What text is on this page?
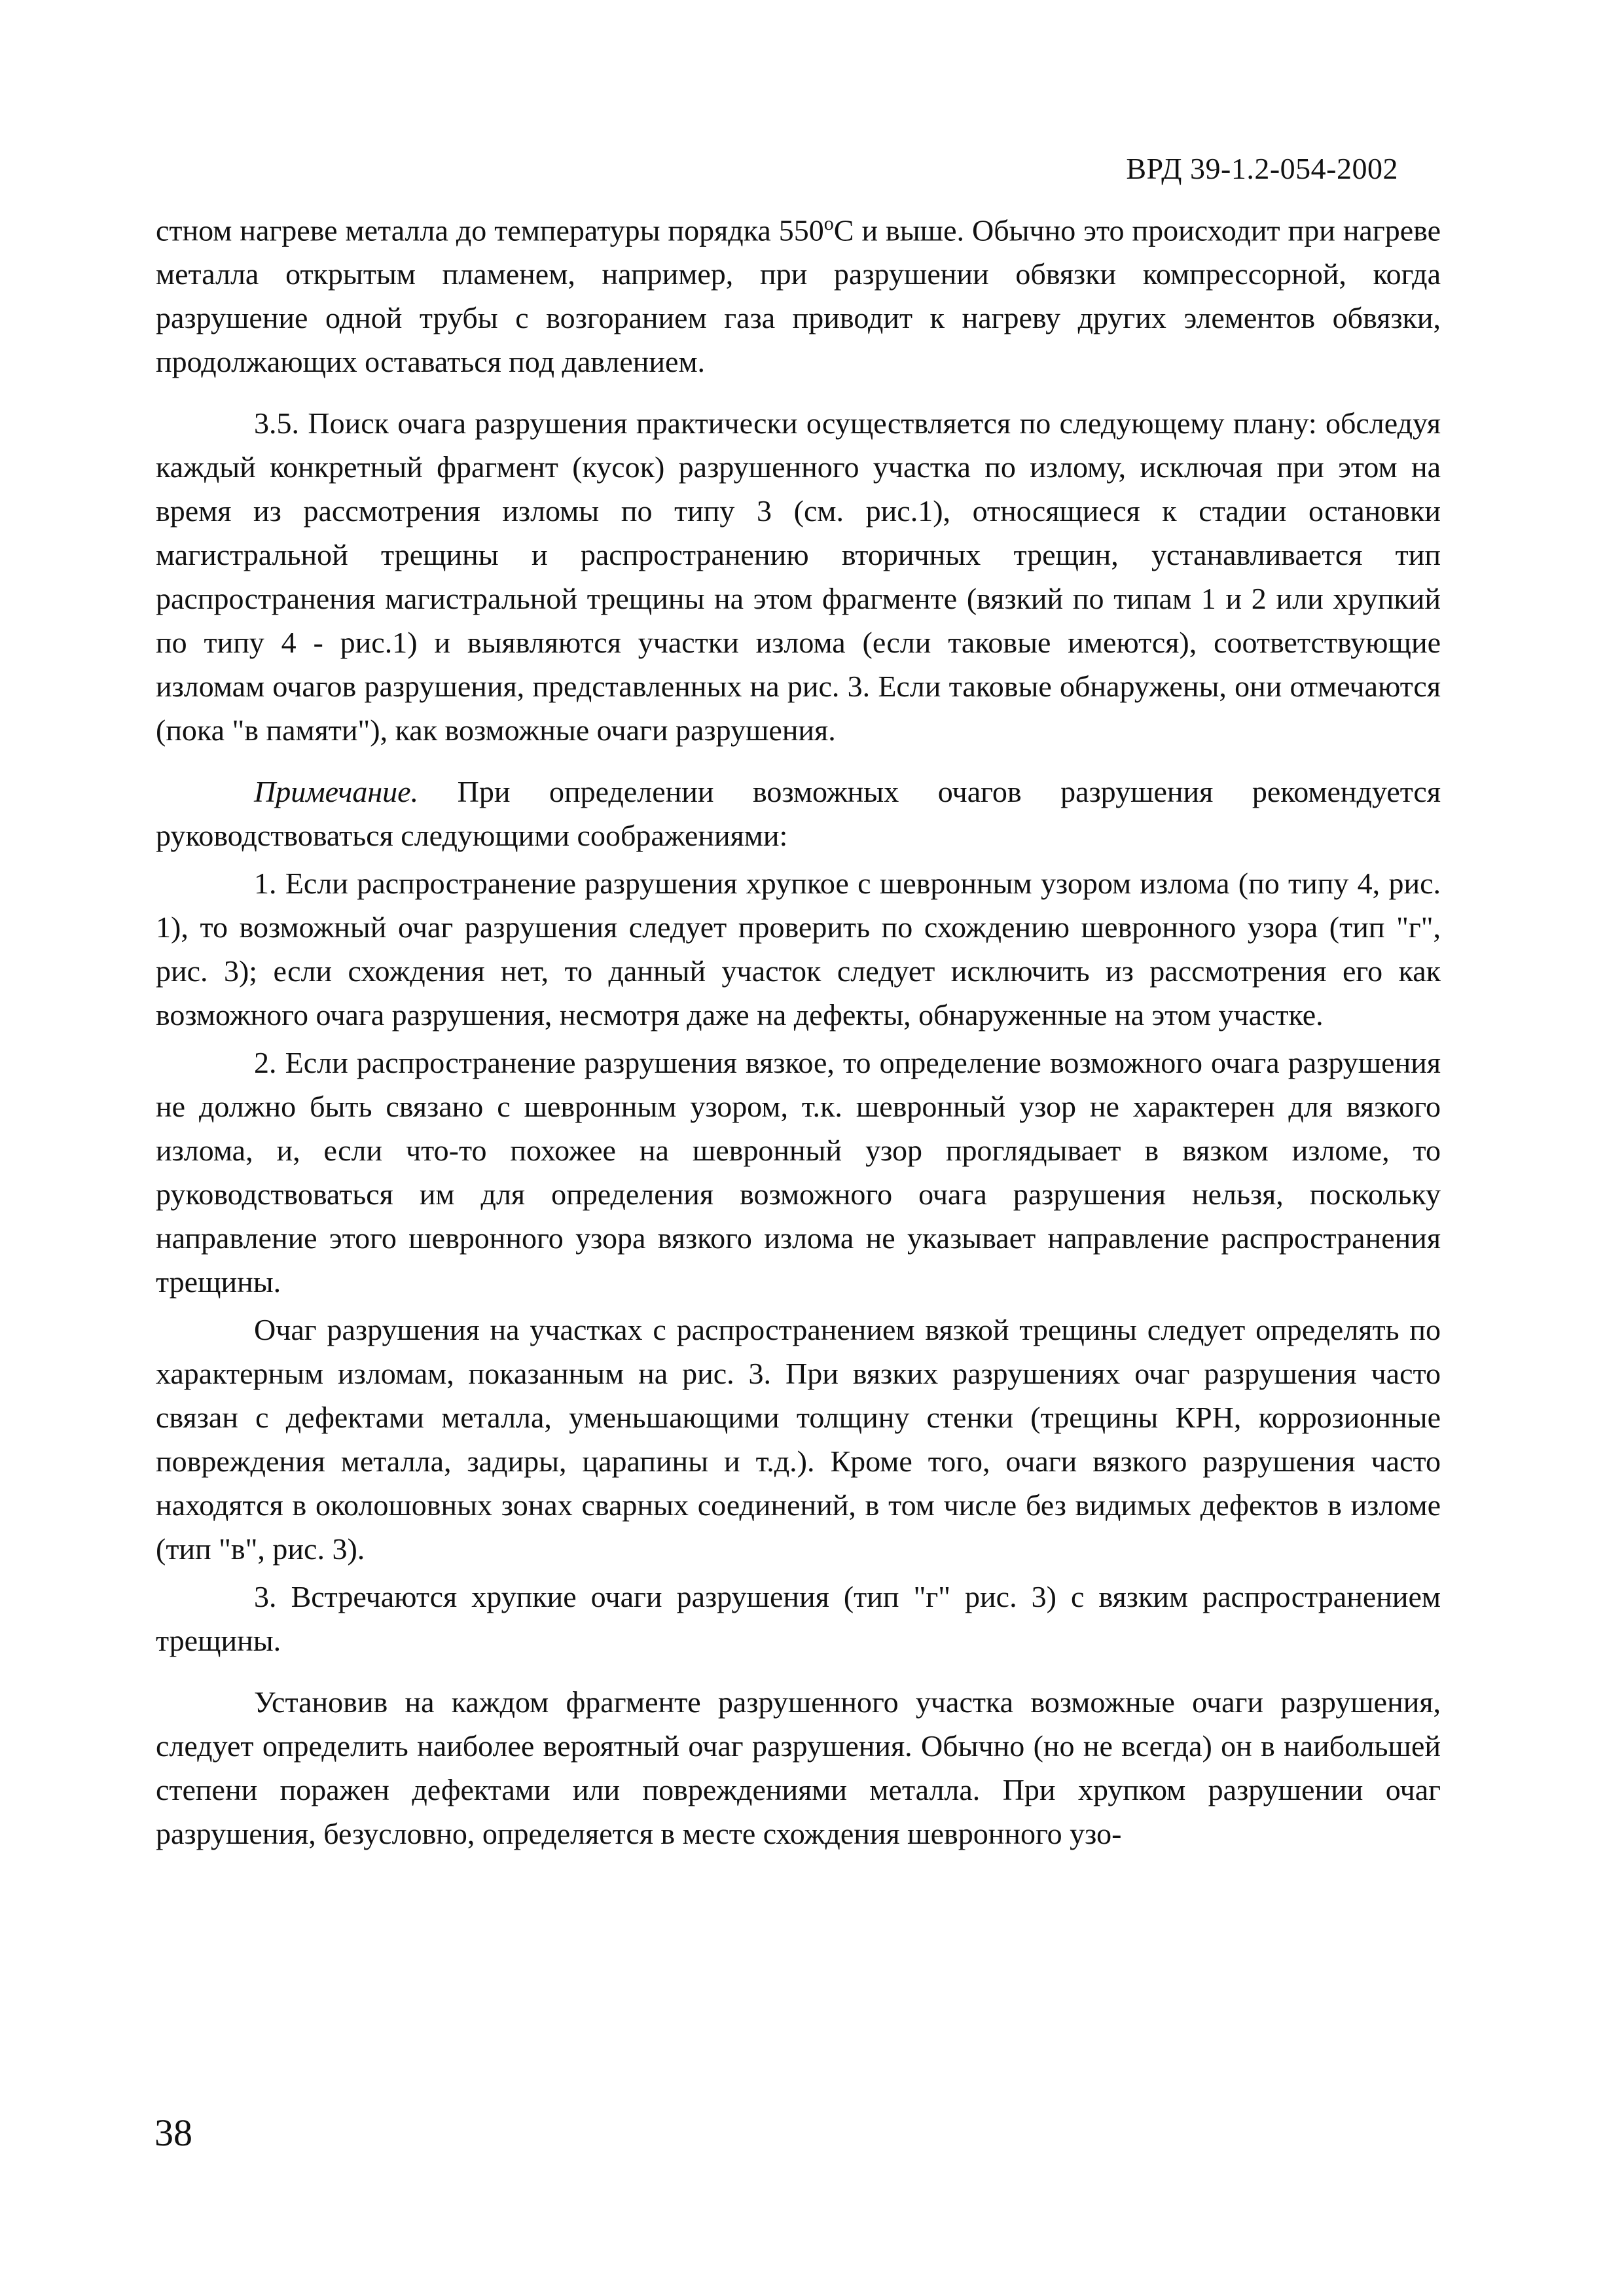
ВРД 39-1.2-054-2002

стном нагреве металла до температуры порядка 550$^o$С и выше. Обычно это происходит при нагреве металла открытым пламенем, например, при разрушении обвязки компрессорной, когда разрушение одной трубы с возгоранием газа приводит к нагреву других элементов обвязки, продолжающих оставаться под давлением.

3.5. Поиск очага разрушения практически осуществляется по следующему плану: обследуя каждый конкретный фрагмент (кусок) разрушенного участка по излому, исключая при этом на время из рассмотрения изломы по типу 3 (см. рис.1), относящиеся к стадии остановки магистральной трещины и распространению вторичных трещин, устанавливается тип распространения магистральной трещины на этом фрагменте (вязкий по типам 1 и 2 или хрупкий по типу 4 - рис.1) и выявляются участки излома (если таковые имеются), соответствующие изломам очагов разрушения, представленных на рис. 3. Если таковые обнаружены, они отмечаются (пока "в памяти"), как возможные очаги разрушения.

Примечание. При определении возможных очагов разрушения рекомендуется руководствоваться следующими соображениями:

1. Если распространение разрушения хрупкое с шевронным узором излома (по типу 4, рис. 1), то возможный очаг разрушения следует проверить по схождению шевронного узора (тип "г", рис. 3); если схождения нет, то данный участок следует исключить из рассмотрения его как возможного очага разрушения, несмотря даже на дефекты, обнаруженные на этом участке.

2. Если распространение разрушения вязкое, то определение возможного очага разрушения не должно быть связано с шевронным узором, т.к. шевронный узор не характерен для вязкого излома, и, если что-то похожее на шевронный узор проглядывает в вязком изломе, то руководствоваться им для определения возможного очага разрушения нельзя, поскольку направление этого шевронного узора вязкого излома не указывает направление распространения трещины.

Очаг разрушения на участках с распространением вязкой трещины следует определять по характерным изломам, показанным на рис. 3. При вязких разрушениях очаг разрушения часто связан с дефектами металла, уменьшающими толщину стенки (трещины КРН, коррозионные повреждения металла, задиры, царапины и т.д.). Кроме того, очаги вязкого разрушения часто находятся в околошовных зонах сварных соединений, в том числе без видимых дефектов в изломе (тип "в", рис. 3).

3. Встречаются хрупкие очаги разрушения (тип "г" рис. 3) с вязким распространением трещины.

Установив на каждом фрагменте разрушенного участка возможные очаги разрушения, следует определить наиболее вероятный очаг разрушения. Обычно (но не всегда) он в наибольшей степени поражен дефектами или повреждениями металла. При хрупком разрушении очаг разрушения, безусловно, определяется в месте схождения шевронного узо-

38
